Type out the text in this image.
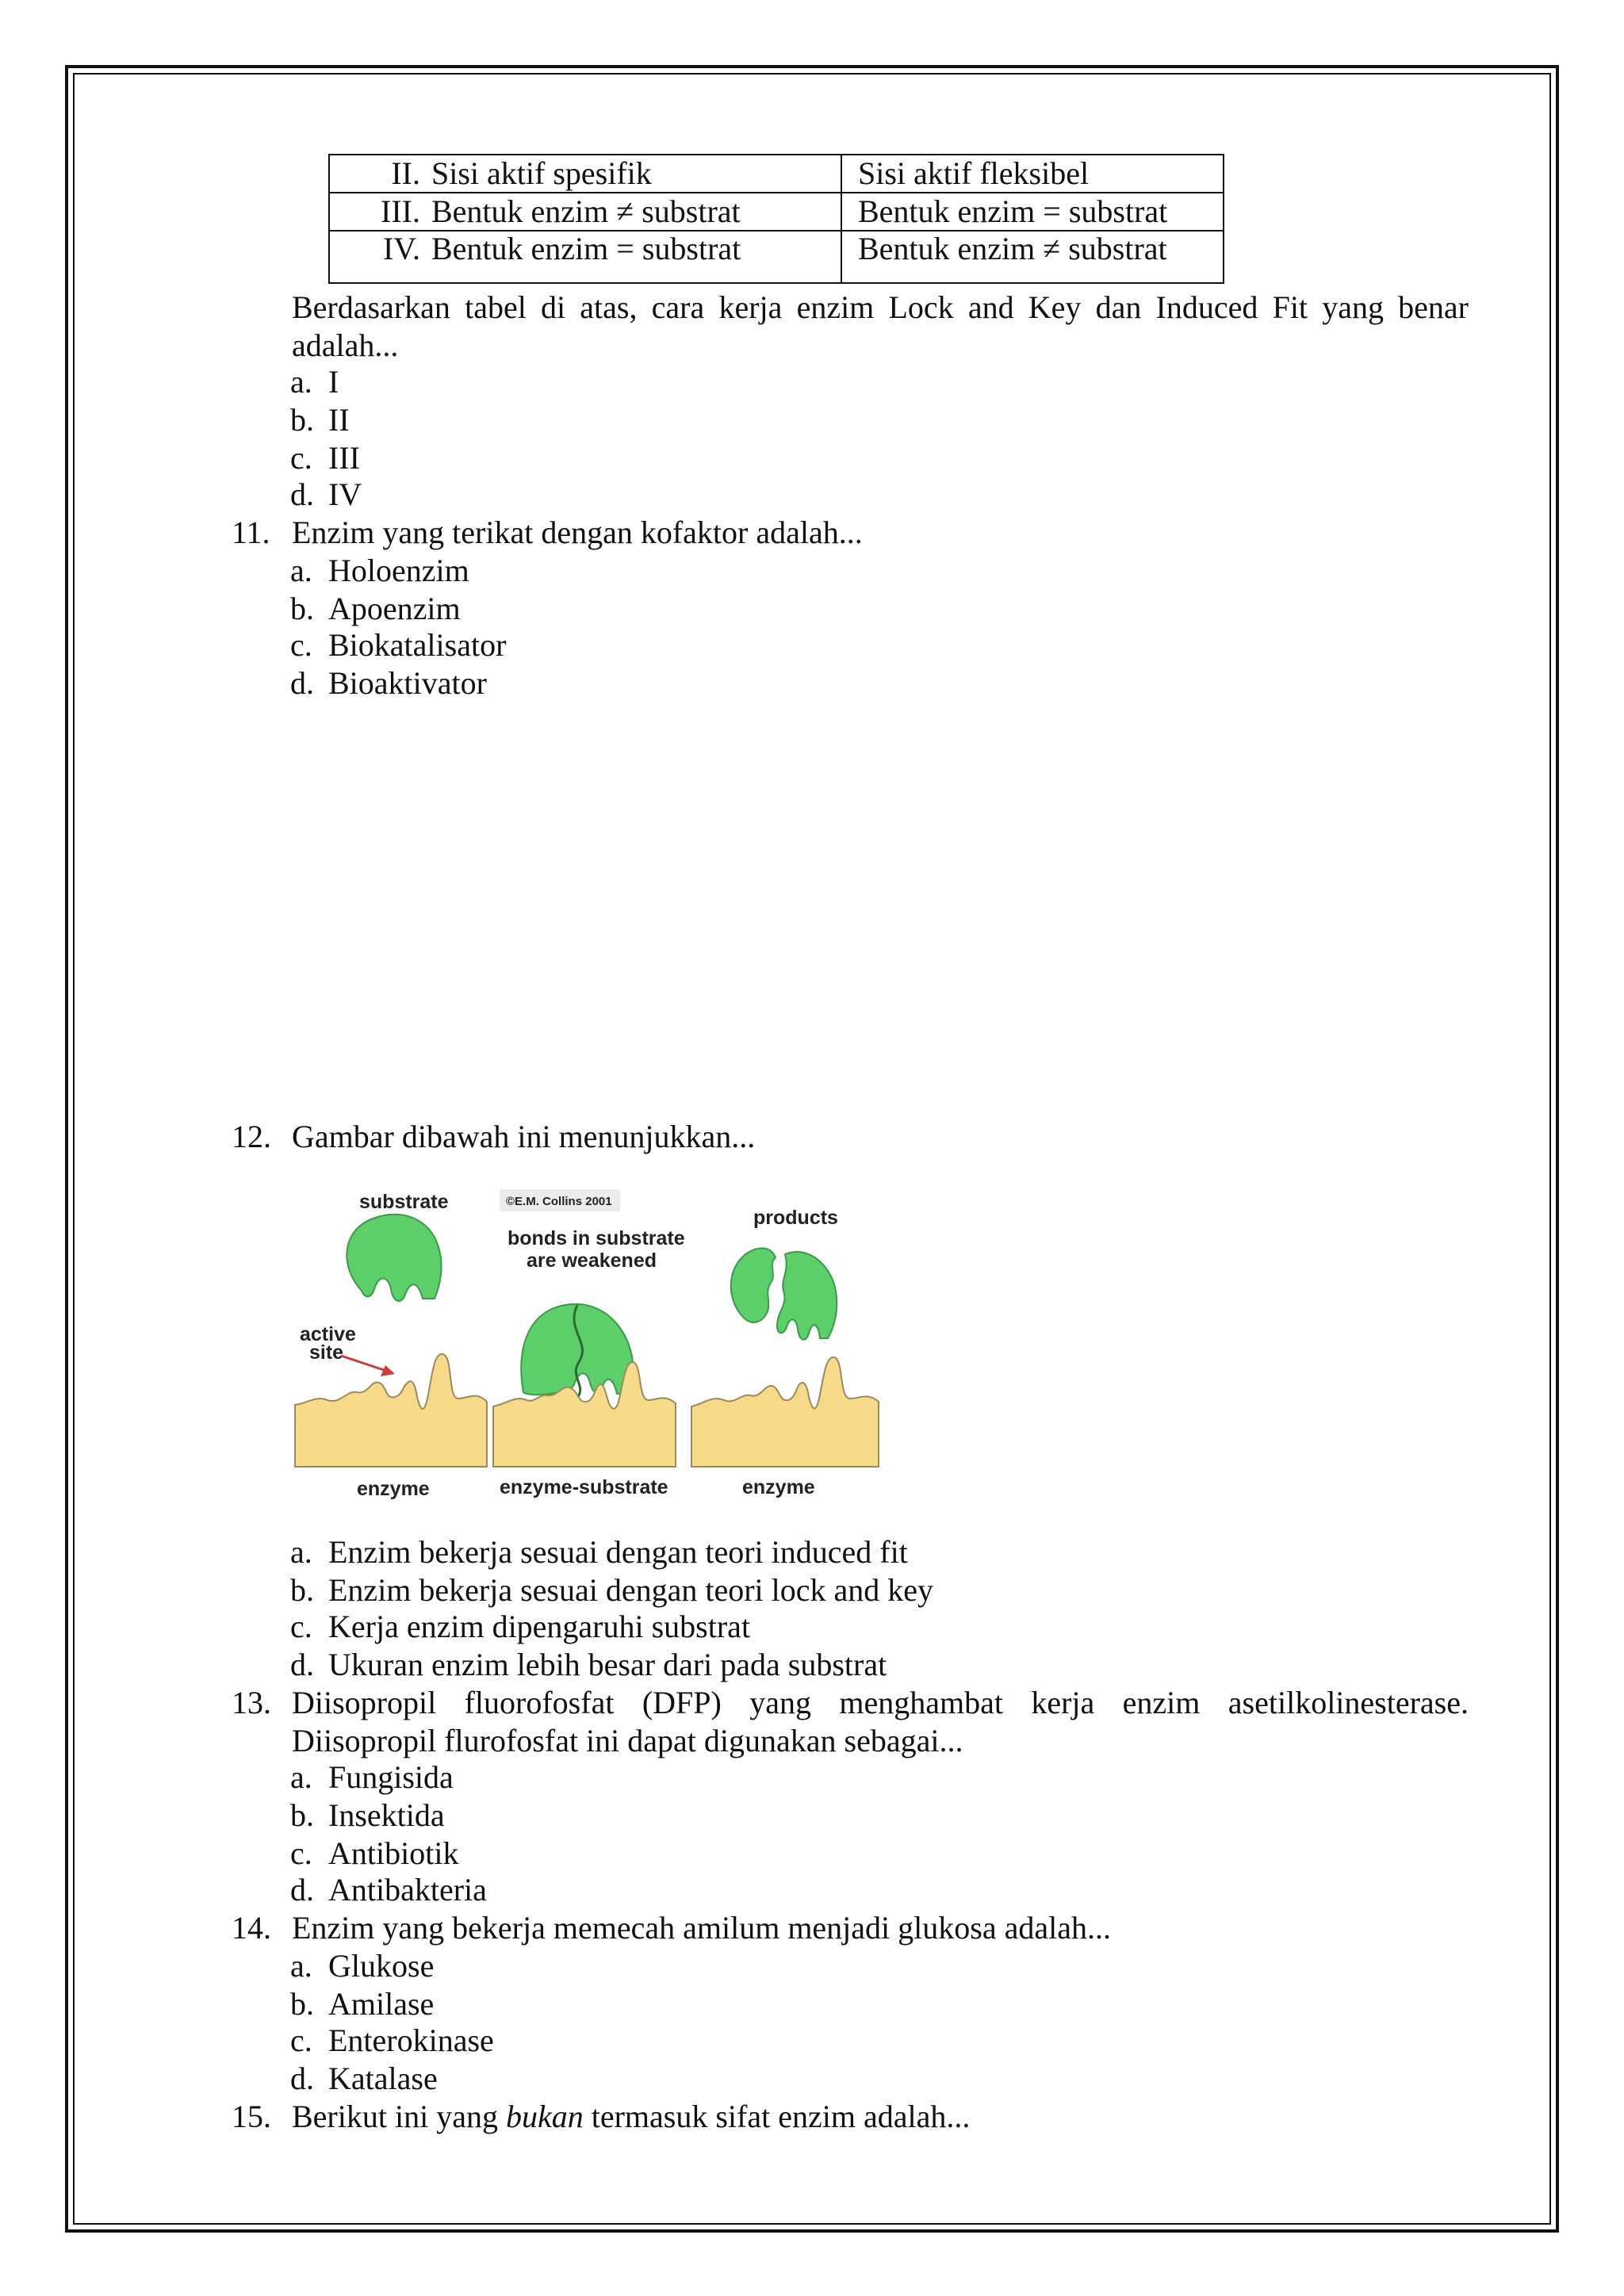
II. Sisi aktif spesifik	Sisi aktif fleksibel
III. Bentuk enzim ≠ substrat	Bentuk enzim = substrat
IV. Bentuk enzim = substrat	Bentuk enzim ≠ substrat
Berdasarkan tabel di atas, cara kerja enzim Lock and Key dan Induced Fit yang benar
adalah...
a. I
b. II
c. III
d. IV
11. Enzim yang terikat dengan kofaktor adalah...
a. Holoenzim
b. Apoenzim
c. Biokatalisator
d. Bioaktivator
12. Gambar dibawah ini menunjukkan...
substrate
active
site
enzyme
©E.M. Collins 2001
bonds in substrate
are weakened
enzyme-substrate
products
enzyme
a. Enzim bekerja sesuai dengan teori induced fit
b. Enzim bekerja sesuai dengan teori lock and key
c. Kerja enzim dipengaruhi substrat
d. Ukuran enzim lebih besar dari pada substrat
13. Diisopropil fluorofosfat (DFP) yang menghambat kerja enzim asetilkolinesterase.
Diisopropil flurofosfat ini dapat digunakan sebagai...
a. Fungisida
b. Insektida
c. Antibiotik
d. Antibakteria
14. Enzim yang bekerja memecah amilum menjadi glukosa adalah...
a. Glukose
b. Amilase
c. Enterokinase
d. Katalase
15. Berikut ini yang bukan termasuk sifat enzim adalah...
